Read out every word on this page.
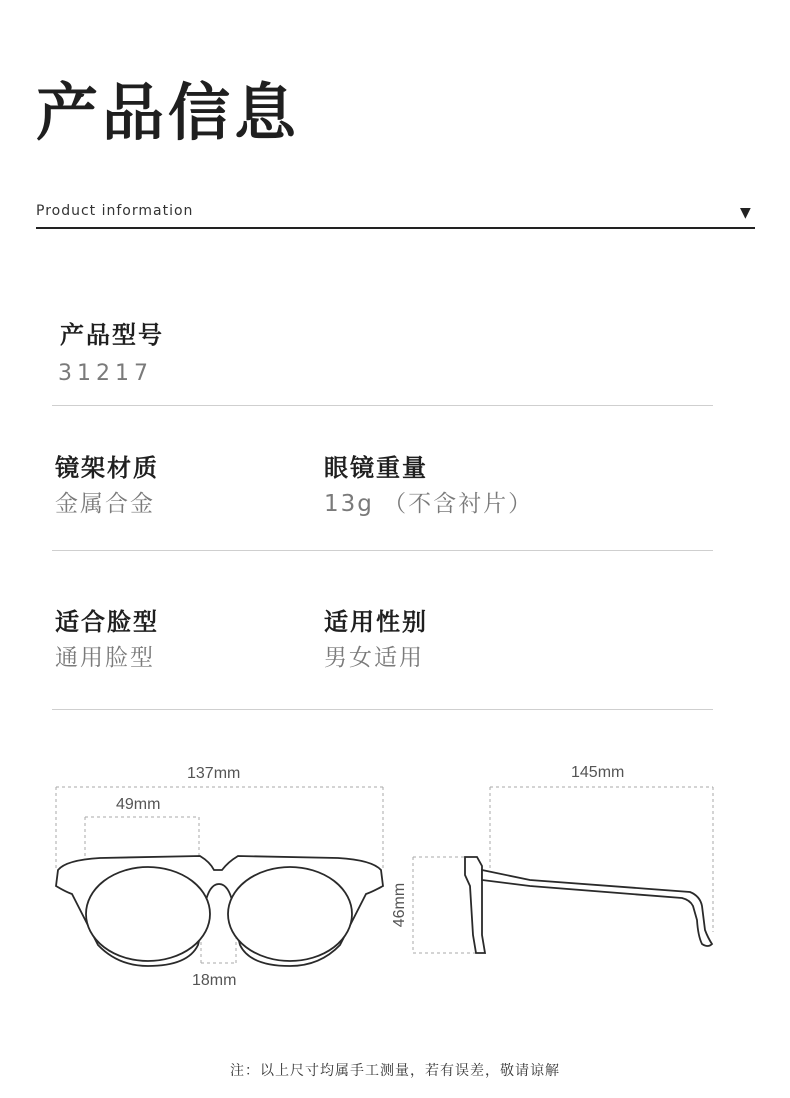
产品信息
Product information	▼
产品型号
31217
镜架材质
金属合金
眼镜重量
13g （不含衬片）
适合脸型
通用脸型
适用性别
男女适用
137mm
49mm
18mm
145mm
46mm
注：以上尺寸均属手工测量，若有误差，敬请谅解
